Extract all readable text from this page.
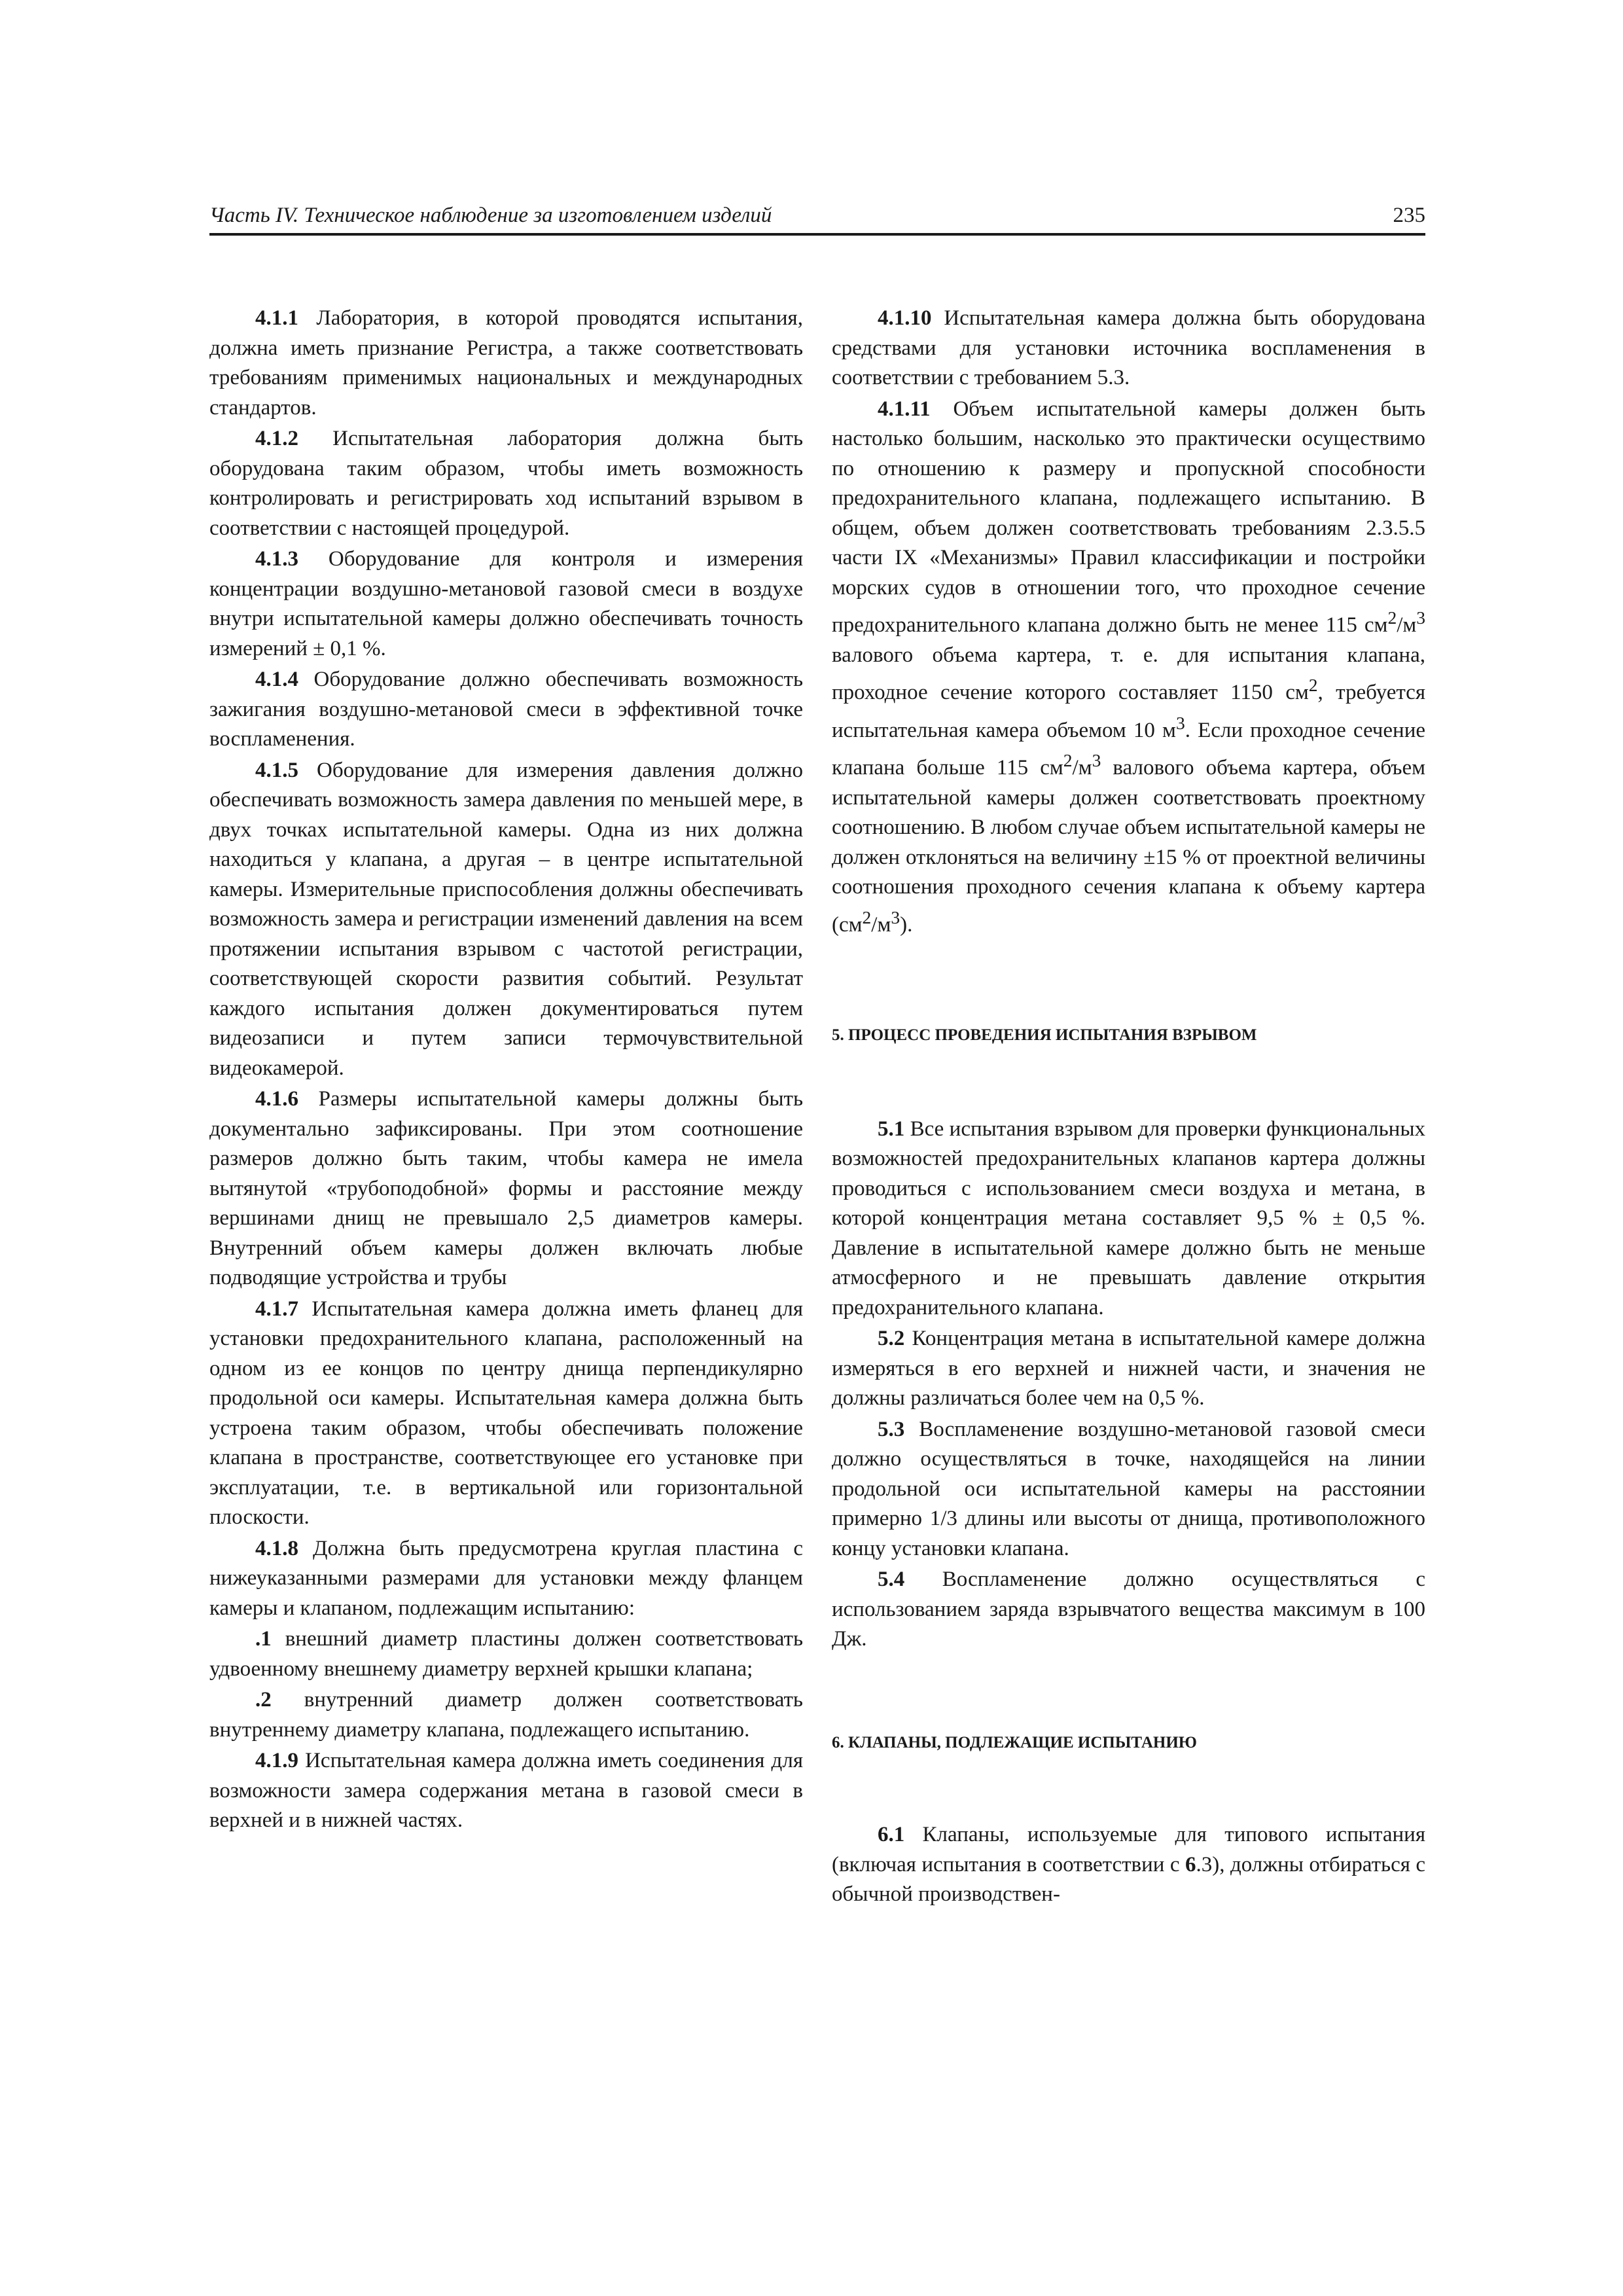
Часть IV. Техническое наблюдение за изготовлением изделий	235

4.1.1 Лаборатория, в которой проводятся испытания, должна иметь признание Регистра, а также соответствовать требованиям применимых национальных и международных стандартов.

4.1.2 Испытательная лаборатория должна быть оборудована таким образом, чтобы иметь возможность контролировать и регистрировать ход испытаний взрывом в соответствии с настоящей процедурой.

4.1.3 Оборудование для контроля и измерения концентрации воздушно-метановой газовой смеси в воздухе внутри испытательной камеры должно обеспечивать точность измерений ± 0,1 %.

4.1.4 Оборудование должно обеспечивать возможность зажигания воздушно-метановой смеси в эффективной точке воспламенения.

4.1.5 Оборудование для измерения давления должно обеспечивать возможность замера давления по меньшей мере, в двух точках испытательной камеры. Одна из них должна находиться у клапана, а другая – в центре испытательной камеры. Измерительные приспособления должны обеспечивать возможность замера и регистрации изменений давления на всем протяжении испытания взрывом с частотой регистрации, соответствующей скорости развития событий. Результат каждого испытания должен документироваться путем видеозаписи и путем записи термочувствительной видеокамерой.

4.1.6 Размеры испытательной камеры должны быть документально зафиксированы. При этом соотношение размеров должно быть таким, чтобы камера не имела вытянутой «трубоподобной» формы и расстояние между вершинами днищ не превышало 2,5 диаметров камеры. Внутренний объем камеры должен включать любые подводящие устройства и трубы

4.1.7 Испытательная камера должна иметь фланец для установки предохранительного клапана, расположенный на одном из ее концов по центру днища перпендикулярно продольной оси камеры. Испытательная камера должна быть устроена таким образом, чтобы обеспечивать положение клапана в пространстве, соответствующее его установке при эксплуатации, т.е. в вертикальной или горизонтальной плоскости.

4.1.8 Должна быть предусмотрена круглая пластина с нижеуказанными размерами для установки между фланцем камеры и клапаном, подлежащим испытанию:

.1 внешний диаметр пластины должен соответствовать удвоенному внешнему диаметру верхней крышки клапана;

.2 внутренний диаметр должен соответствовать внутреннему диаметру клапана, подлежащего испытанию.

4.1.9 Испытательная камера должна иметь соединения для возможности замера содержания метана в газовой смеси в верхней и в нижней частях.

4.1.10 Испытательная камера должна быть оборудована средствами для установки источника воспламенения в соответствии с требованием 5.3.

4.1.11 Объем испытательной камеры должен быть настолько большим, насколько это практически осуществимо по отношению к размеру и пропускной способности предохранительного клапана, подлежащего испытанию. В общем, объем должен соответствовать требованиям 2.3.5.5 части IX «Механизмы» Правил классификации и постройки морских судов в отношении того, что проходное сечение предохранительного клапана должно быть не менее 115 $см^2/м^3$ валового объема картера, т. е. для испытания клапана, проходное сечение которого составляет 1150 $см^2$, требуется испытательная камера объемом 10 $м^3$. Если проходное сечение клапана больше 115 $см^2/м^3$ валового объема картера, объем испытательной камеры должен соответствовать проектному соотношению. В любом случае объем испытательной камеры не должен отклоняться на величину ±15 % от проектной величины соотношения проходного сечения клапана к объему картера $(см^2/м^3)$.

5. ПРОЦЕСС ПРОВЕДЕНИЯ ИСПЫТАНИЯ ВЗРЫВОМ

5.1 Все испытания взрывом для проверки функциональных возможностей предохранительных клапанов картера должны проводиться с использованием смеси воздуха и метана, в которой концентрация метана составляет 9,5 % ± 0,5 %. Давление в испытательной камере должно быть не меньше атмосферного и не превышать давление открытия предохранительного клапана.

5.2 Концентрация метана в испытательной камере должна измеряться в его верхней и нижней части, и значения не должны различаться более чем на 0,5 %.

5.3 Воспламенение воздушно-метановой газовой смеси должно осуществляться в точке, находящейся на линии продольной оси испытательной камеры на расстоянии примерно 1/3 длины или высоты от днища, противоположного концу установки клапана.

5.4 Воспламенение должно осуществляться с использованием заряда взрывчатого вещества максимум в 100 Дж.

6. КЛАПАНЫ, ПОДЛЕЖАЩИЕ ИСПЫТАНИЮ

6.1 Клапаны, используемые для типового испытания (включая испытания в соответствии с 6.3), должны отбираться с обычной производствен-
